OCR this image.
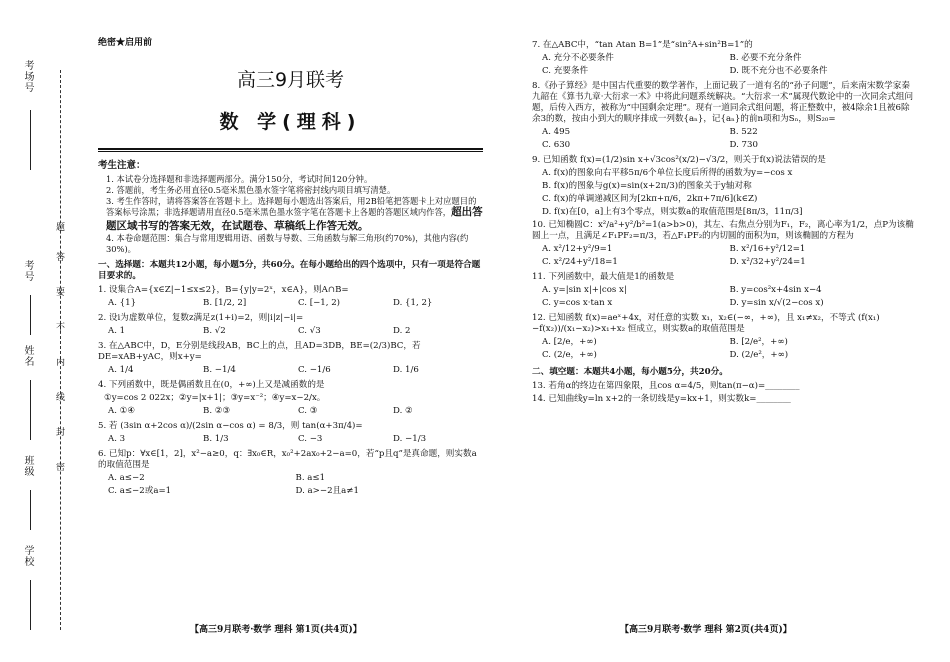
考场号
考号
姓名
班级
学校
题
答
要
不
内
线
封
密
绝密★启用前
高三9月联考
数 学(理科)
考生注意：
1. 本试卷分选择题和非选择题两部分。满分150分，考试时间120分钟。
2. 答题前，考生务必用直径0.5毫米黑色墨水签字笔将密封线内项目填写清楚。
3. 考生作答时，请将答案答在答题卡上。选择题每小题选出答案后，用2B铅笔把答题卡上对应题目的答案标号涂黑；非选择题请用直径0.5毫米黑色墨水签字笔在答题卡上各题的答题区域内作答，超出答题区域书写的答案无效，在试题卷、草稿纸上作答无效。
4. 本卷命题范围：集合与常用逻辑用语、函数与导数、三角函数与解三角形(约70%)，其他内容(约30%)。
一、选择题：本题共12小题，每小题5分，共60分。在每小题给出的四个选项中，只有一项是符合题目要求的。
1. 设集合A={x∈Z|−1≤x≤2}，B={y|y=2ˣ，x∈A}，则A∩B=
A. {1}	B. [1/2, 2]	C. [−1, 2)	D. {1, 2}
2. 设i为虚数单位，复数z满足z(1+i)=2，则|i|z|−i|=
A. 1	B. √2	C. √3	D. 2
3. 在△ABC中，D，E分别是线段AB，BC上的点，且AD=3DB，BE=(2/3)BC，若DE=xAB+yAC，则x+y=
A. 1/4	B. −1/4	C. −1/6	D. 1/6
4. 下列函数中，既是偶函数且在(0，+∞)上又是减函数的是
①y=cos 2 022x；②y=|x+1|；③y=x⁻²；④y=x−2/x。
A. ①④	B. ②③	C. ③	D. ②
5. 若 (3sin α+2cos α)/(2sin α−cos α) = 8/3，则 tan(α+3π/4)=
A. 3	B. 1/3	C. −3	D. −1/3
6. 已知p：∀x∈[1，2]，x²−a≥0，q：∃x₀∈R，x₀²+2ax₀+2−a=0，若“p且q”是真命题，则实数a的取值范围是
A. a≤−2	B. a≤1
C. a≤−2或a=1	D. a>−2且a≠1
7. 在△ABC中，“tan Atan B=1”是“sin²A+sin²B=1”的
A. 充分不必要条件	B. 必要不充分条件
C. 充要条件	D. 既不充分也不必要条件
8.《孙子算经》是中国古代重要的数学著作，上面记载了一道有名的“孙子问题”，后来南宋数学家秦九韶在《算书九章·大衍求一术》中将此问题系统解决。“大衍求一术”属现代数论中的一次同余式组问题，后传入西方，被称为“中国剩余定理”。现有一道同余式组问题，将正整数中，被4除余1且被6除余3的数，按由小到大的顺序排成一列数{aₙ}，记{aₙ}的前n项和为Sₙ，则S₂₀=
A. 495	B. 522
C. 630	D. 730
9. 已知函数 f(x)=(1/2)sin x+√3cos²(x/2)−√3/2，则关于f(x)说法错误的是
A. f(x)的图象向右平移5π/6个单位长度后所得的函数为y=−cos x
B. f(x)的图象与g(x)=sin(x+2π/3)的图象关于y轴对称
C. f(x)的单调递减区间为[2kπ+π/6，2kπ+7π/6](k∈Z)
D. f(x)在[0，a]上有3个零点，则实数a的取值范围是[8π/3，11π/3]
10. 已知椭圆C：x²/a²+y²/b²=1(a>b>0)，其左、右焦点分别为F₁，F₂，离心率为1/2，点P为该椭圆上一点，且满足∠F₁PF₂=π/3，若△F₁PF₂的内切圆的面积为π，则该椭圆的方程为
A. x²/12+y²/9=1	B. x²/16+y²/12=1
C. x²/24+y²/18=1	D. x²/32+y²/24=1
11. 下列函数中，最大值是1的函数是
A. y=|sin x|+|cos x|	B. y=cos²x+4sin x−4
C. y=cos x·tan x	D. y=sin x/√(2−cos x)
12. 已知函数 f(x)=aeˣ+4x，对任意的实数 x₁，x₂∈(−∞，+∞)，且 x₁≠x₂，不等式 (f(x₁)−f(x₂))/(x₁−x₂)>x₁+x₂ 恒成立，则实数a的取值范围是
A. [2/e，+∞)	B. [2/e²，+∞)
C. (2/e，+∞)	D. (2/e²，+∞)
二、填空题：本题共4小题，每小题5分，共20分。
13. 若角α的终边在第四象限，且cos α=4/5，则tan(π−α)=________
14. 已知曲线y=ln x+2的一条切线是y=kx+1，则实数k=________
【高三9月联考·数学 理科 第1页(共4页)】	【高三9月联考·数学 理科 第2页(共4页)】
